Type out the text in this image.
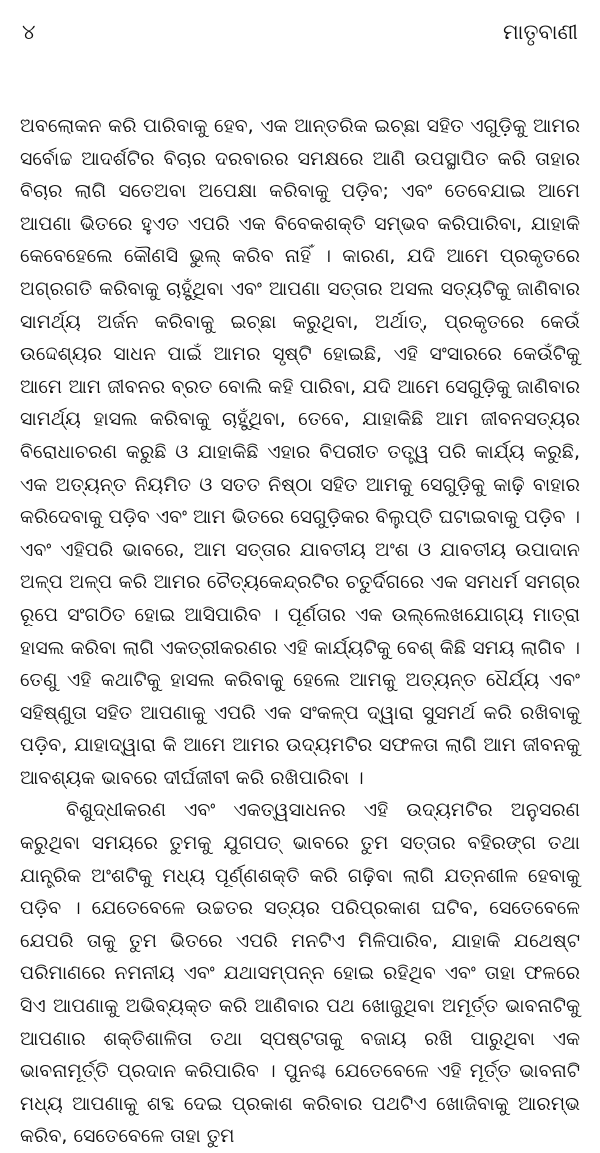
୪	ମାତୃବାଣୀ

ଅବଲୋକନ କରି ପାରିବାକୁ ହେବ, ଏକ ଆନ୍ତରିକ ଇଚ୍ଛା ସହିତ ଏଗୁଡ଼ିକୁ ଆମର ସର୍ବୋଚ୍ଚ ଆଦର୍ଶଟିର ବିଚାର ଦରବାରର ସମକ୍ଷରେ ଆଣି ଉପସ୍ଥାପିତ କରି ତାହାର ବିଚାର ଲାଗି ସତେଅବା ଅପେକ୍ଷା କରିବାକୁ ପଡ଼ିବ; ଏବଂ ତେବେଯାଇ ଆମେ ଆପଣା ଭିତରେ ହୁଏତ ଏପରି ଏକ ବିବେକଶକ୍ତି ସମ୍ଭବ କରିପାରିବା, ଯାହାକି କେବେହେଲେ କୌଣସି ଭୁଲ୍ କରିବ ନାହିଁ । କାରଣ, ଯଦି ଆମେ ପ୍ରକୃତରେ ଅଗ୍ରଗତି କରିବାକୁ ଚାହୁଁଥିବା ଏବଂ ଆପଣା ସତ୍ତାର ଅସଲ ସତ୍ୟଟିକୁ ଜାଣିବାର ସାମର୍ଥ୍ୟ ଅର୍ଜନ କରିବାକୁ ଇଚ୍ଛା କରୁଥିବା, ଅର୍ଥାତ୍, ପ୍ରକୃତରେ କେଉଁ ଉଦ୍ଦେଶ୍ୟର ସାଧନ ପାଇଁ ଆମର ସୃଷ୍ଟି ହୋଇଛି, ଏହି ସଂସାରରେ କେଉଁଟିକୁ ଆମେ ଆମ ଜୀବନର ବ୍ରତ ବୋଲି କହି ପାରିବା, ଯଦି ଆମେ ସେଗୁଡ଼ିକୁ ଜାଣିବାର ସାମର୍ଥ୍ୟ ହାସଲ କରିବାକୁ ଚାହୁଁଥିବା, ତେବେ, ଯାହାକିଛି ଆମ ଜୀବନସତ୍ୟର ବିରୋଧାଚରଣ କରୁଛି ଓ ଯାହାକିଛି ଏହାର ବିପରୀତ ତତ୍ତ୍ୱ ପରି କାର୍ଯ୍ୟ କରୁଛି, ଏକ ଅତ୍ୟନ୍ତ ନିୟମିତ ଓ ସତତ ନିଷ୍ଠା ସହିତ ଆମକୁ ସେଗୁଡ଼ିକୁ କାଢ଼ି ବାହାର କରିଦେବାକୁ ପଡ଼ିବ ଏବଂ ଆମ ଭିତରେ ସେଗୁଡ଼ିକର ବିଲୁପ୍ତି ଘଟାଇବାକୁ ପଡ଼ିବ । ଏବଂ ଏହିପରି ଭାବରେ, ଆମ ସତ୍ତାର ଯାବତୀୟ ଅଂଶ ଓ ଯାବତୀୟ ଉପାଦାନ ଅଳ୍ପ ଅଳ୍ପ କରି ଆମର ଚୈତ୍ୟକେନ୍ଦ୍ରଟିର ଚତୁର୍ଦିଗରେ ଏକ ସମଧର୍ମ ସମଗ୍ର ରୂପେ ସଂଗଠିତ ହୋଇ ଆସିପାରିବ । ପୂର୍ଣତାର ଏକ ଉଲ୍ଲେଖଯୋଗ୍ୟ ମାତ୍ରା ହାସଲ କରିବା ଲାଗି ଏକତ୍ରୀକରଣର ଏହି କାର୍ଯ୍ୟଟିକୁ ବେଶ୍ କିଛି ସମୟ ଲାଗିବ । ତେଣୁ ଏହି କଥାଟିକୁ ହାସଲ କରିବାକୁ ହେଲେ ଆମକୁ ଅତ୍ୟନ୍ତ ଧୈର୍ଯ୍ୟ ଏବଂ ସହିଷ୍ଣୁତା ସହିତ ଆପଣାକୁ ଏପରି ଏକ ସଂକଳ୍ପ ଦ୍ୱାରା ସୁସମର୍ଥ କରି ରଖିବାକୁ ପଡ଼ିବ, ଯାହାଦ୍ୱାରା କି ଆମେ ଆମର ଉଦ୍ୟମଟିର ସଫଳତା ଲାଗି ଆମ ଜୀବନକୁ ଆବଶ୍ୟକ ଭାବରେ ଦୀର୍ଘଜୀବୀ କରି ରଖିପାରିବା ।

ବିଶୁଦ୍ଧୀକରଣ ଏବଂ ଏକତ୍ୱସାଧନର ଏହି ଉଦ୍ୟମଟିର ଅନୁସରଣ କରୁଥିବା ସମୟରେ ତୁମକୁ ଯୁଗପତ୍ ଭାବରେ ତୁମ ସତ୍ତାର ବହିରଙ୍ଗ ତଥା ଯାନ୍ତ୍ରିକ ଅଂଶଟିକୁ ମଧ୍ୟ ପୂର୍ଣ୍ଣଶକ୍ତି କରି ଗଢ଼ିବା ଲାଗି ଯତ୍ନଶୀଳ ହେବାକୁ ପଡ଼ିବ । ଯେତେବେଳେ ଉଚ୍ଚତର ସତ୍ୟର ପରିପ୍ରକାଶ ଘଟିବ, ସେତେବେଳେ ଯେପରି ତାକୁ ତୁମ ଭିତରେ ଏପରି ମନଟିଏ ମିଳିପାରିବ, ଯାହାକି ଯଥେଷ୍ଟ ପରିମାଣରେ ନମନୀୟ ଏବଂ ଯଥାସମ୍ପନ୍ନ ହୋଇ ରହିଥିବ ଏବଂ ତାହା ଫଳରେ ସିଏ ଆପଣାକୁ ଅଭିବ୍ୟକ୍ତ କରି ଆଣିବାର ପଥ ଖୋଜୁଥିବା ଅମୂର୍ତ୍ତ ଭାବନାଟିକୁ ଆପଣାର ଶକ୍ତିଶାଳିତା ତଥା ସ୍ପଷ୍ଟତାକୁ ବଜାୟ ରଖି ପାରୁଥିବା ଏକ ଭାବନାମୂର୍ତ୍ତି ପ୍ରଦାନ କରିପାରିବ । ପୁନଶ୍ଚ ଯେତେବେଳେ ଏହି ମୂର୍ତ୍ତ ଭାବନାଟି ମଧ୍ୟ ଆପଣାକୁ ଶବ୍ଦ ଦେଇ ପ୍ରକାଶ କରିବାର ପଥଟିଏ ଖୋଜିବାକୁ ଆରମ୍ଭ କରିବ, ସେତେବେଳେ ତାହା ତୁମ
